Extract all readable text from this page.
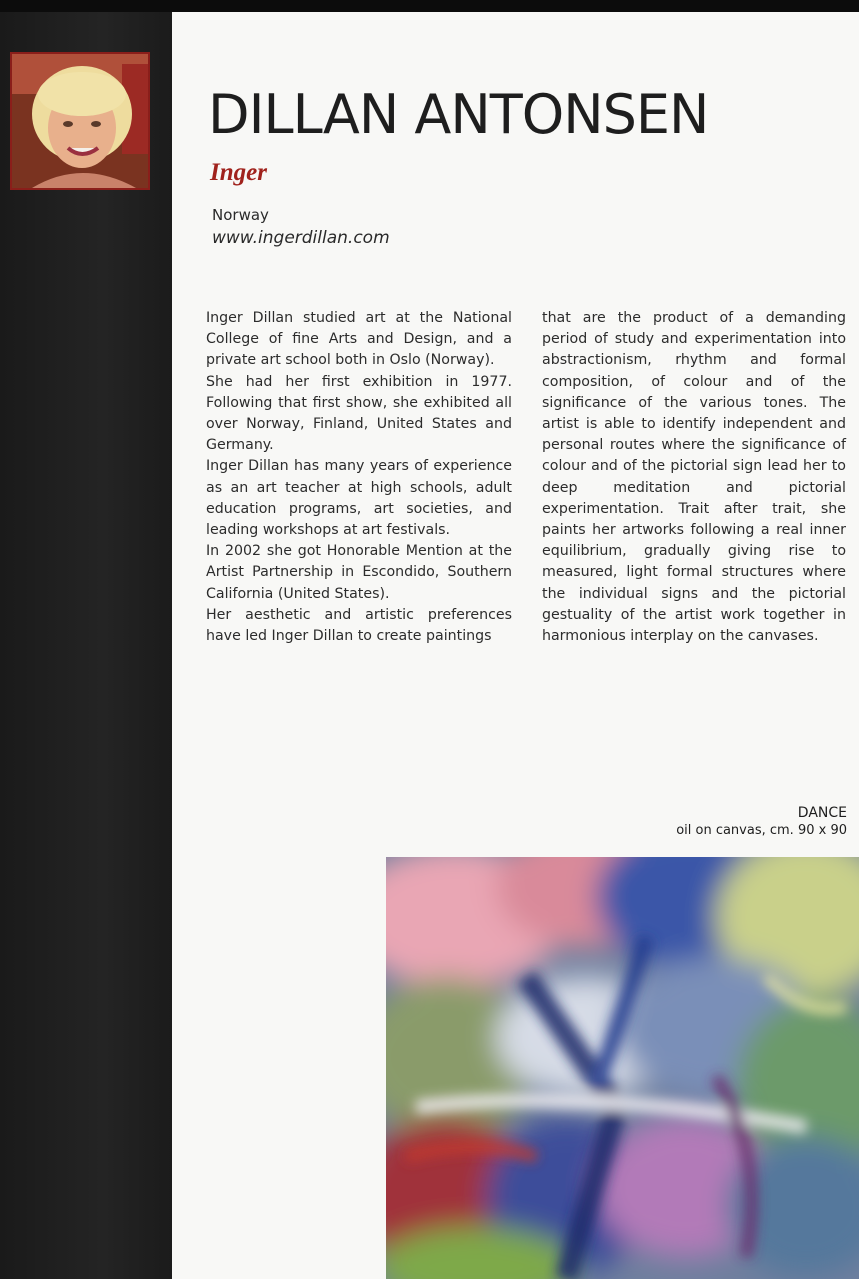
DILLAN ANTONSEN
Inger
Norway
www.ingerdillan.com

Inger Dillan studied art at the National College of fine Arts and Design, and a private art school both in Oslo (Norway).

She had her first exhibition in 1977. Following that first show, she exhibited all over Norway, Finland, United States and Germany.

Inger Dillan has many years of experience as an art teacher at high schools, adult education programs, art societies, and leading workshops at art festivals.

In 2002 she got Honorable Mention at the Artist Partnership in Escondido, Southern California (United States).

Her aesthetic and artistic preferences have led Inger Dillan to create paintings

that are the product of a demanding period of study and experimentation into abstractionism, rhythm and formal composition, of colour and of the significance of the various tones. The artist is able to identify independent and personal routes where the significance of colour and of the pictorial sign lead her to deep meditation and pictorial experimentation. Trait after trait, she paints her artworks following a real inner equilibrium, gradually giving rise to measured, light formal structures where the individual signs and the pictorial gestuality of the artist work together in harmonious interplay on the canvases.

DANCE
oil on canvas, cm. 90 x 90
